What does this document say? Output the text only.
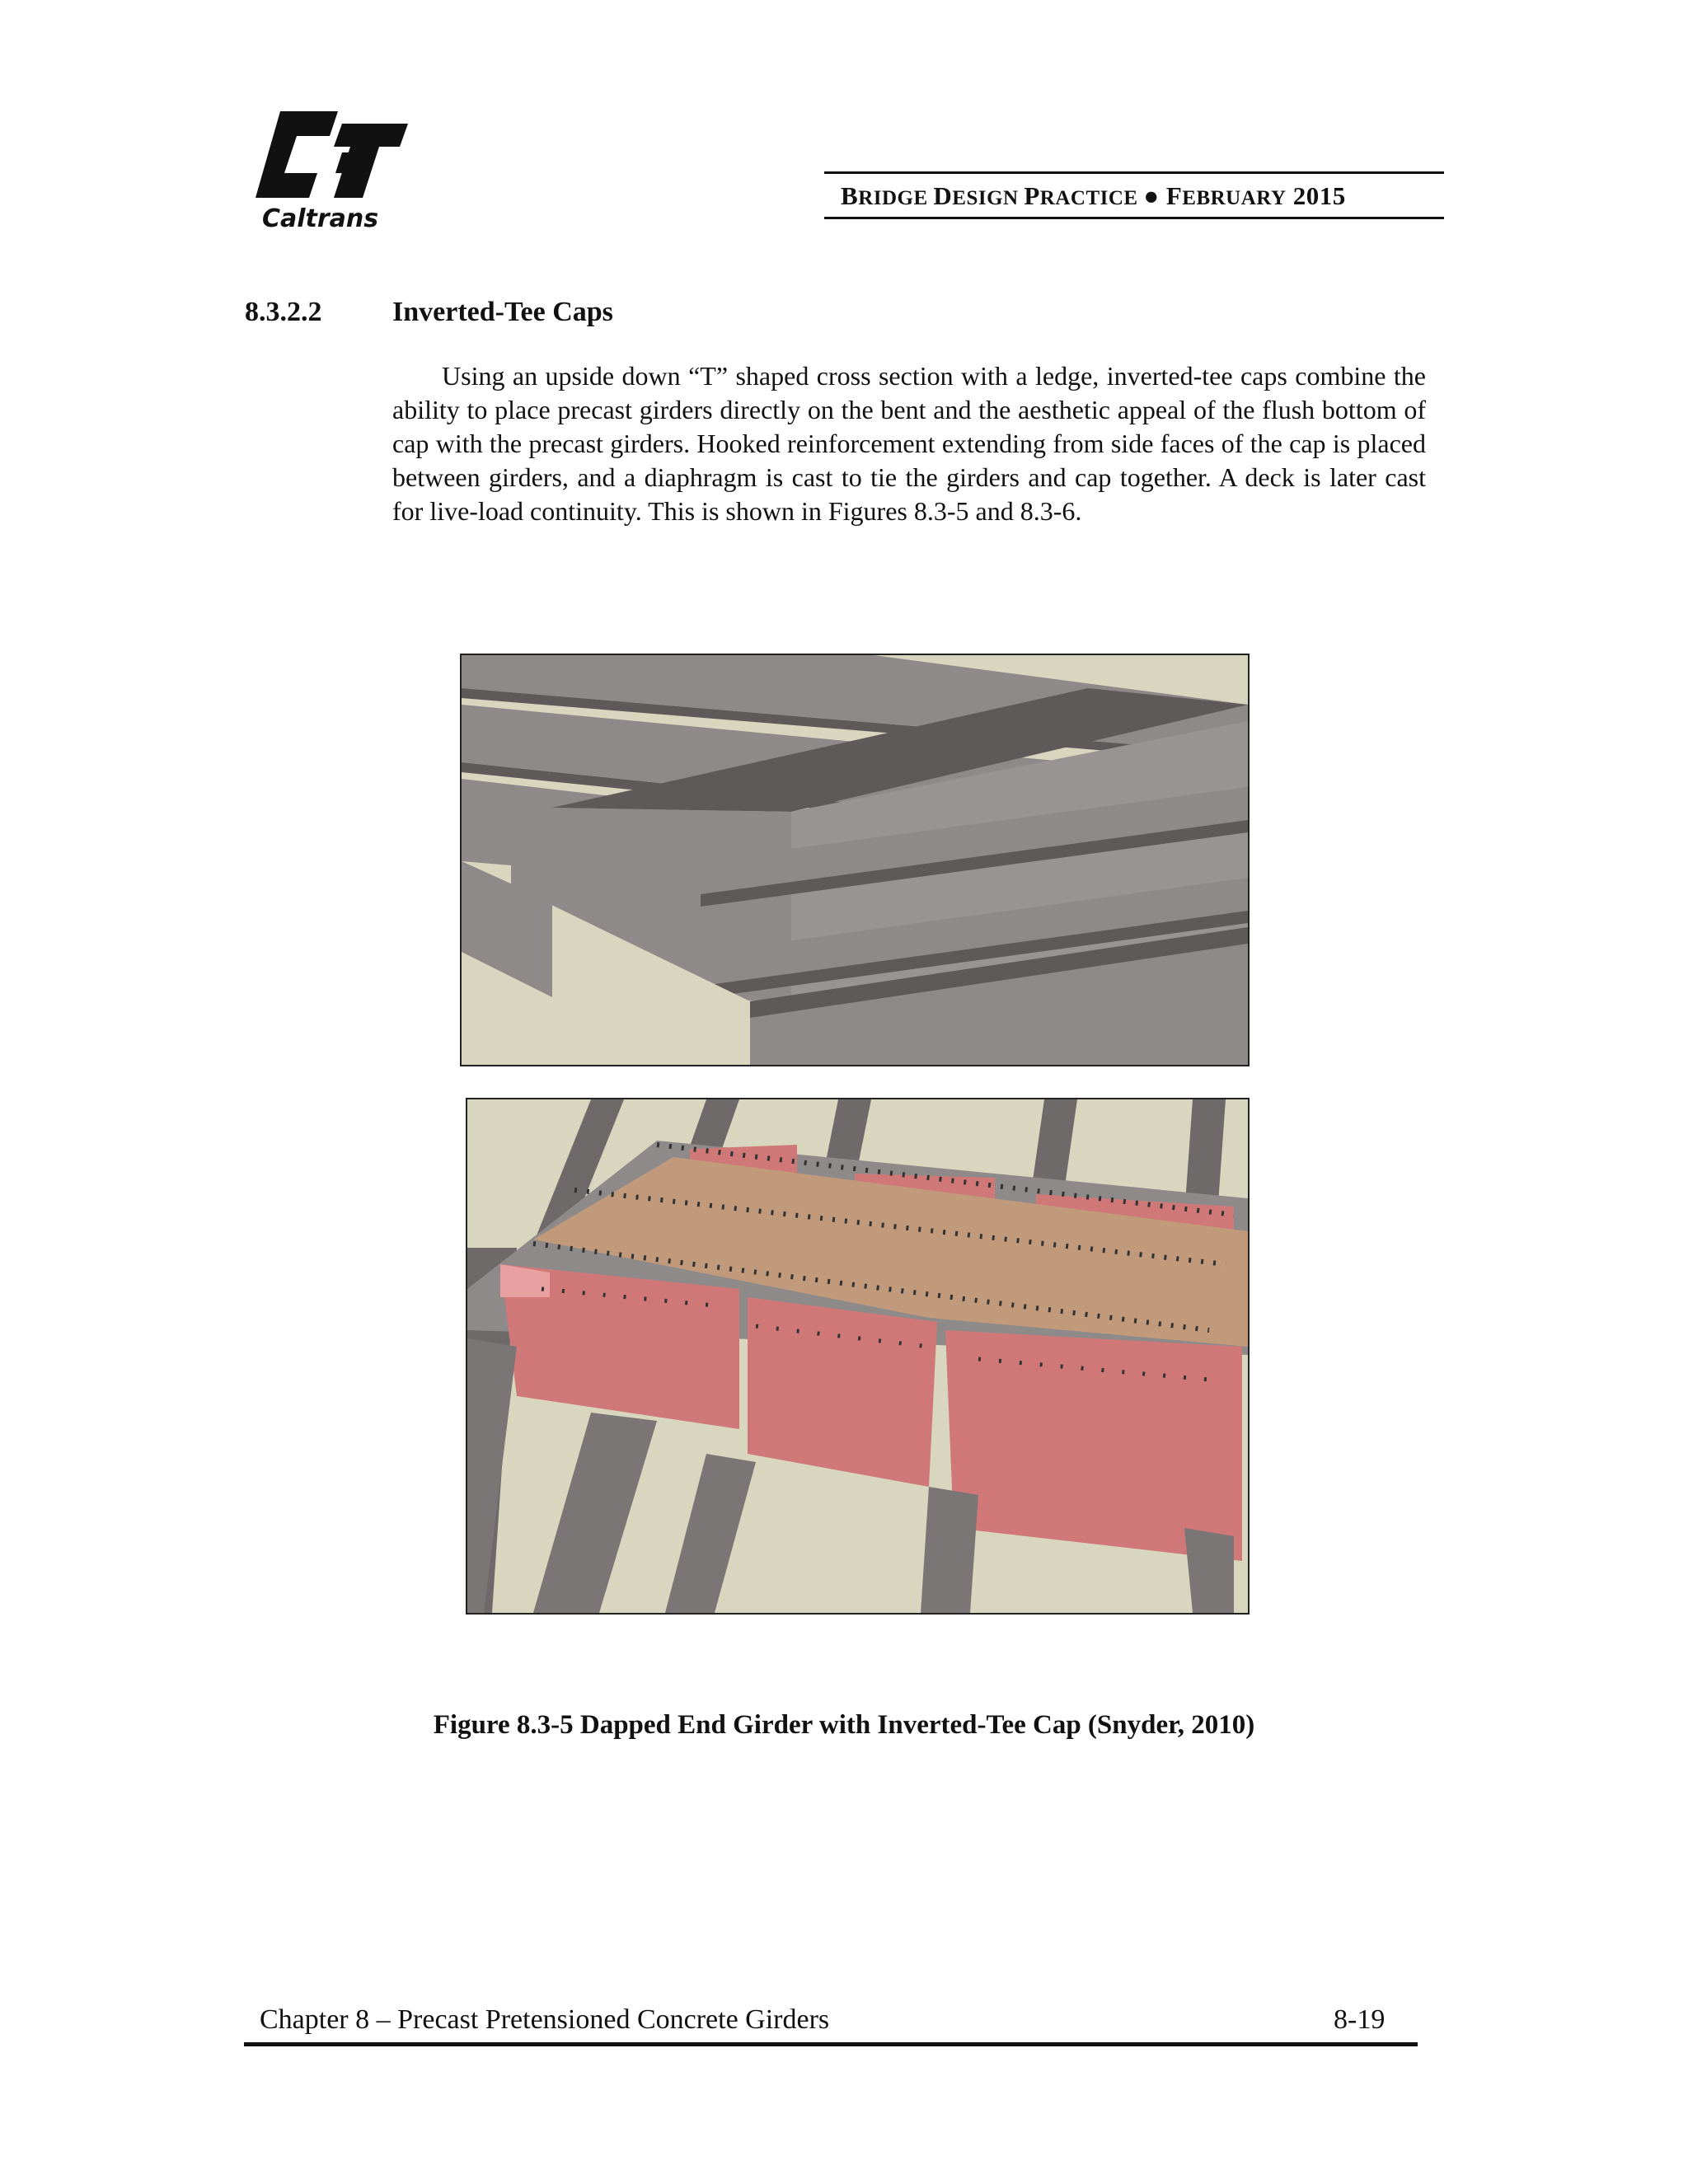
Caltrans
BRIDGE DESIGN PRACTICE ● FEBRUARY 2015
8.3.2.2	Inverted-Tee Caps

Using an upside down “T” shaped cross section with a ledge, inverted-tee caps combine the ability to place precast girders directly on the bent and the aesthetic appeal of the flush bottom of cap with the precast girders. Hooked reinforcement extending from side faces of the cap is placed between girders, and a diaphragm is cast to tie the girders and cap together. A deck is later cast for live-load continuity. This is shown in Figures 8.3-5 and 8.3-6.

Figure 8.3-5 Dapped End Girder with Inverted-Tee Cap (Snyder, 2010)
Chapter 8 – Precast Pretensioned Concrete Girders	8-19
